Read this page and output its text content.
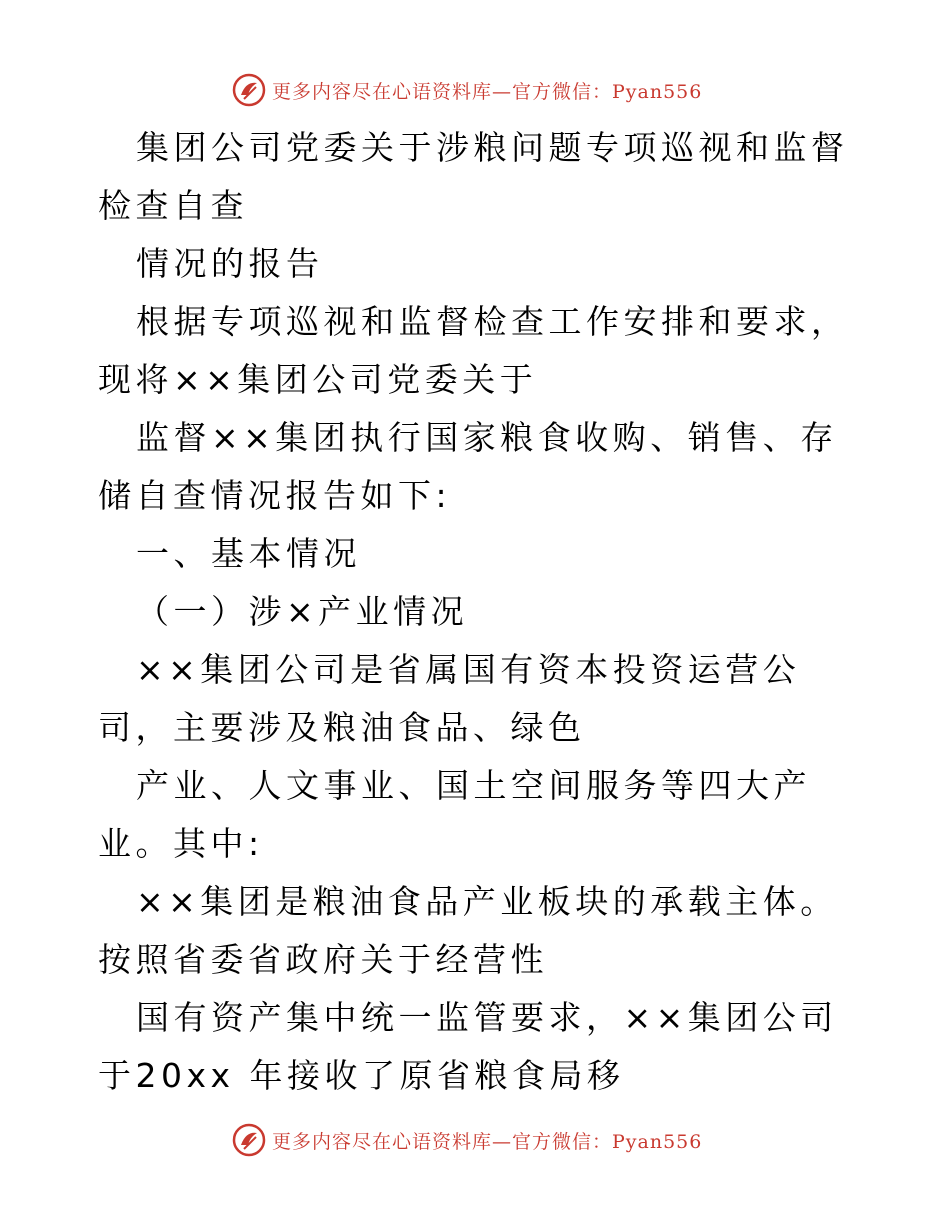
更多内容尽在心语资料库—官方微信：Pyan556

集团公司党委关于涉粮问题专项巡视和监督检查自查

情况的报告

根据专项巡视和监督检查工作安排和要求，现将××集团公司党委关于

监督××集团执行国家粮食收购、销售、存储自查情况报告如下:

一、基本情况

（一）涉×产业情况

××集团公司是省属国有资本投资运营公司，主要涉及粮油食品、绿色

产业、人文事业、国土空间服务等四大产业。其中:

××集团是粮油食品产业板块的承载主体。按照省委省政府关于经营性

国有资产集中统一监管要求，××集团公司于20xx 年接收了原省粮食局移

更多内容尽在心语资料库—官方微信：Pyan556
